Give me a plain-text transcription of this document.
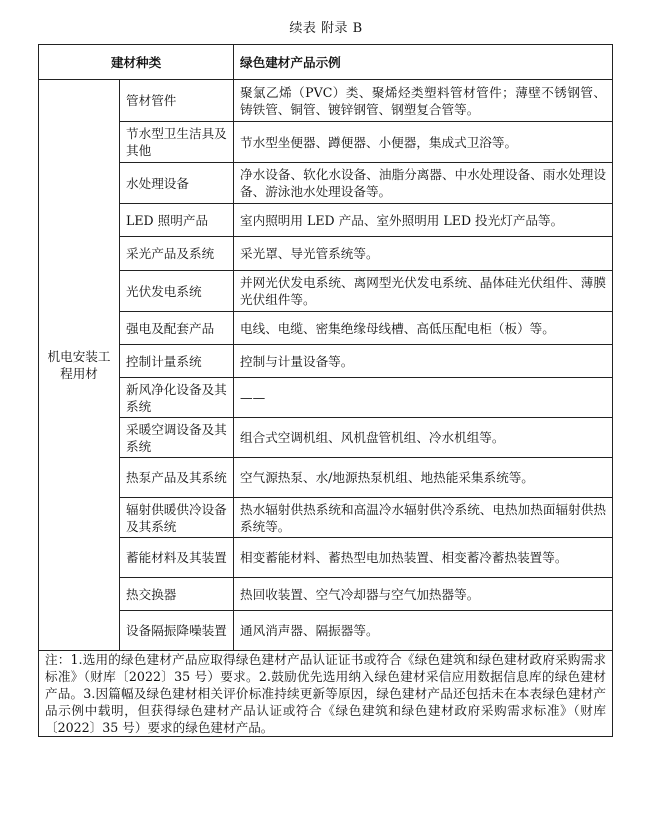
续表 附录 B
建材种类		绿色建材产品示例
机电安装工程用材	管材管件	聚氯乙烯（PVC）类、聚烯烃类塑料管材管件；薄壁不锈钢管、铸铁管、铜管、镀锌钢管、钢塑复合管等。
	节水型卫生洁具及其他	节水型坐便器、蹲便器、小便器，集成式卫浴等。
	水处理设备	净水设备、软化水设备、油脂分离器、中水处理设备、雨水处理设备、游泳池水处理设备等。
	LED 照明产品	室内照明用 LED 产品、室外照明用 LED 投光灯产品等。
	采光产品及系统	采光罩、导光管系统等。
	光伏发电系统	并网光伏发电系统、离网型光伏发电系统、晶体硅光伏组件、薄膜光伏组件等。
	强电及配套产品	电线、电缆、密集绝缘母线槽、高低压配电柜（板）等。
	控制计量系统	控制与计量设备等。
	新风净化设备及其系统	——
	采暖空调设备及其系统	组合式空调机组、风机盘管机组、冷水机组等。
	热泵产品及其系统	空气源热泵、水/地源热泵机组、地热能采集系统等。
	辐射供暖供冷设备及其系统	热水辐射供热系统和高温冷水辐射供冷系统、电热加热面辐射供热系统等。
	蓄能材料及其装置	相变蓄能材料、蓄热型电加热装置、相变蓄冷蓄热装置等。
	热交换器	热回收装置、空气冷却器与空气加热器等。
	设备隔振降噪装置	通风消声器、隔振器等。
注：1.选用的绿色建材产品应取得绿色建材产品认证证书或符合《绿色建筑和绿色建材政府采购需求标准》（财库〔2022〕35 号）要求。2.鼓励优先选用纳入绿色建材采信应用数据信息库的绿色建材产品。3.因篇幅及绿色建材相关评价标准持续更新等原因，绿色建材产品还包括未在本表绿色建材产品示例中载明，但获得绿色建材产品认证或符合《绿色建筑和绿色建材政府采购需求标准》（财库〔2022〕35 号）要求的绿色建材产品。		
